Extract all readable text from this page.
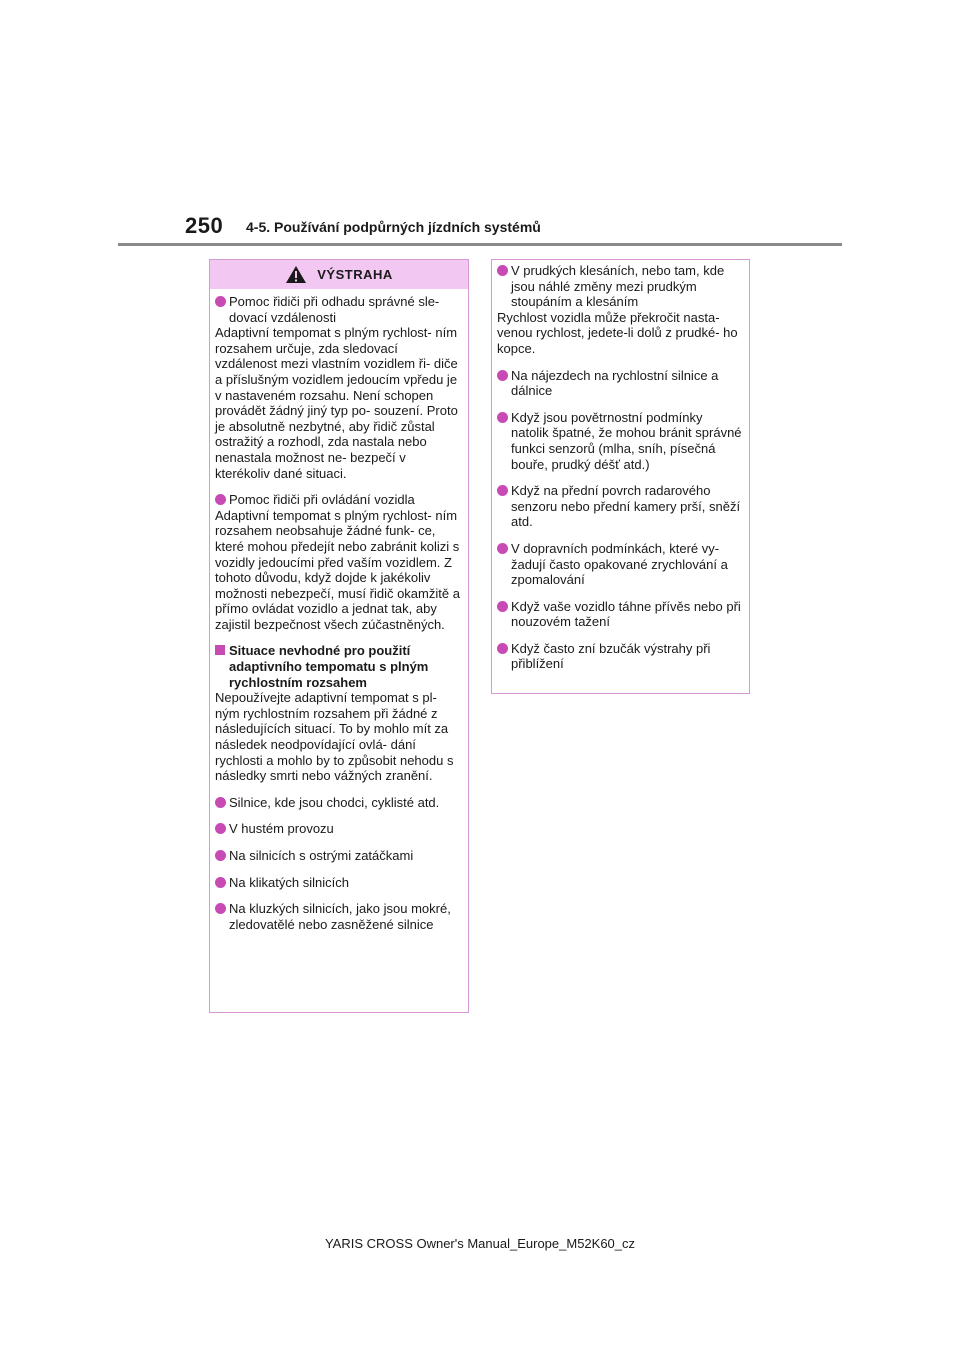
250 4-5. Používání podpůrných jízdních systémů
VÝSTRAHA
Pomoc řidiči při odhadu správné sle- dovací vzdálenosti
Adaptivní tempomat s plným rychlost- ním rozsahem určuje, zda sledovací vzdálenost mezi vlastním vozidlem ři- diče a příslušným vozidlem jedoucím vpředu je v nastaveném rozsahu. Není schopen provádět žádný jiný typ po- souzení. Proto je absolutně nezbytné, aby řidič zůstal ostražitý a rozhodl, zda nastala nebo nenastala možnost ne- bezpečí v kterékoliv dané situaci.
Pomoc řidiči při ovládání vozidla
Adaptivní tempomat s plným rychlost- ním rozsahem neobsahuje žádné funk- ce, které mohou předejít nebo zabránit kolizi s vozidly jedoucími před vaším vozidlem. Z tohoto důvodu, když dojde k jakékoliv možnosti nebezpečí, musí řidič okamžitě a přímo ovládat vozidlo a jednat tak, aby zajistil bezpečnost všech zúčastněných.
Situace nevhodné pro použití adaptivního tempomatu s plným rychlostním rozsahem
Nepoužívejte adaptivní tempomat s pl- ným rychlostním rozsahem při žádné z následujících situací. To by mohlo mít za následek neodpovídající ovlá- dání rychlosti a mohlo by to způsobit nehodu s následky smrti nebo vážných zranění.
Silnice, kde jsou chodci, cyklisté atd.
V hustém provozu
Na silnicích s ostrými zatáčkami
Na klikatých silnicích
Na kluzkých silnicích, jako jsou mokré, zledovatělé nebo zasněžené silnice
V prudkých klesáních, nebo tam, kde jsou náhlé změny mezi prudkým stoupáním a klesáním
Rychlost vozidla může překročit nasta- venou rychlost, jedete-li dolů z prudké- ho kopce.
Na nájezdech na rychlostní silnice a dálnice
Když jsou povětrnostní podmínky natolik špatné, že mohou bránit správné funkci senzorů (mlha, sníh, písečná bouře, prudký déšť atd.)
Když na přední povrch radarového senzoru nebo přední kamery prší, sněží atd.
V dopravních podmínkách, které vy- žadují často opakované zrychlování a zpomalování
Když vaše vozidlo táhne přívěs nebo při nouzovém tažení
Když často zní bzučák výstrahy při přiblížení
YARIS CROSS Owner's Manual_Europe_M52K60_cz
